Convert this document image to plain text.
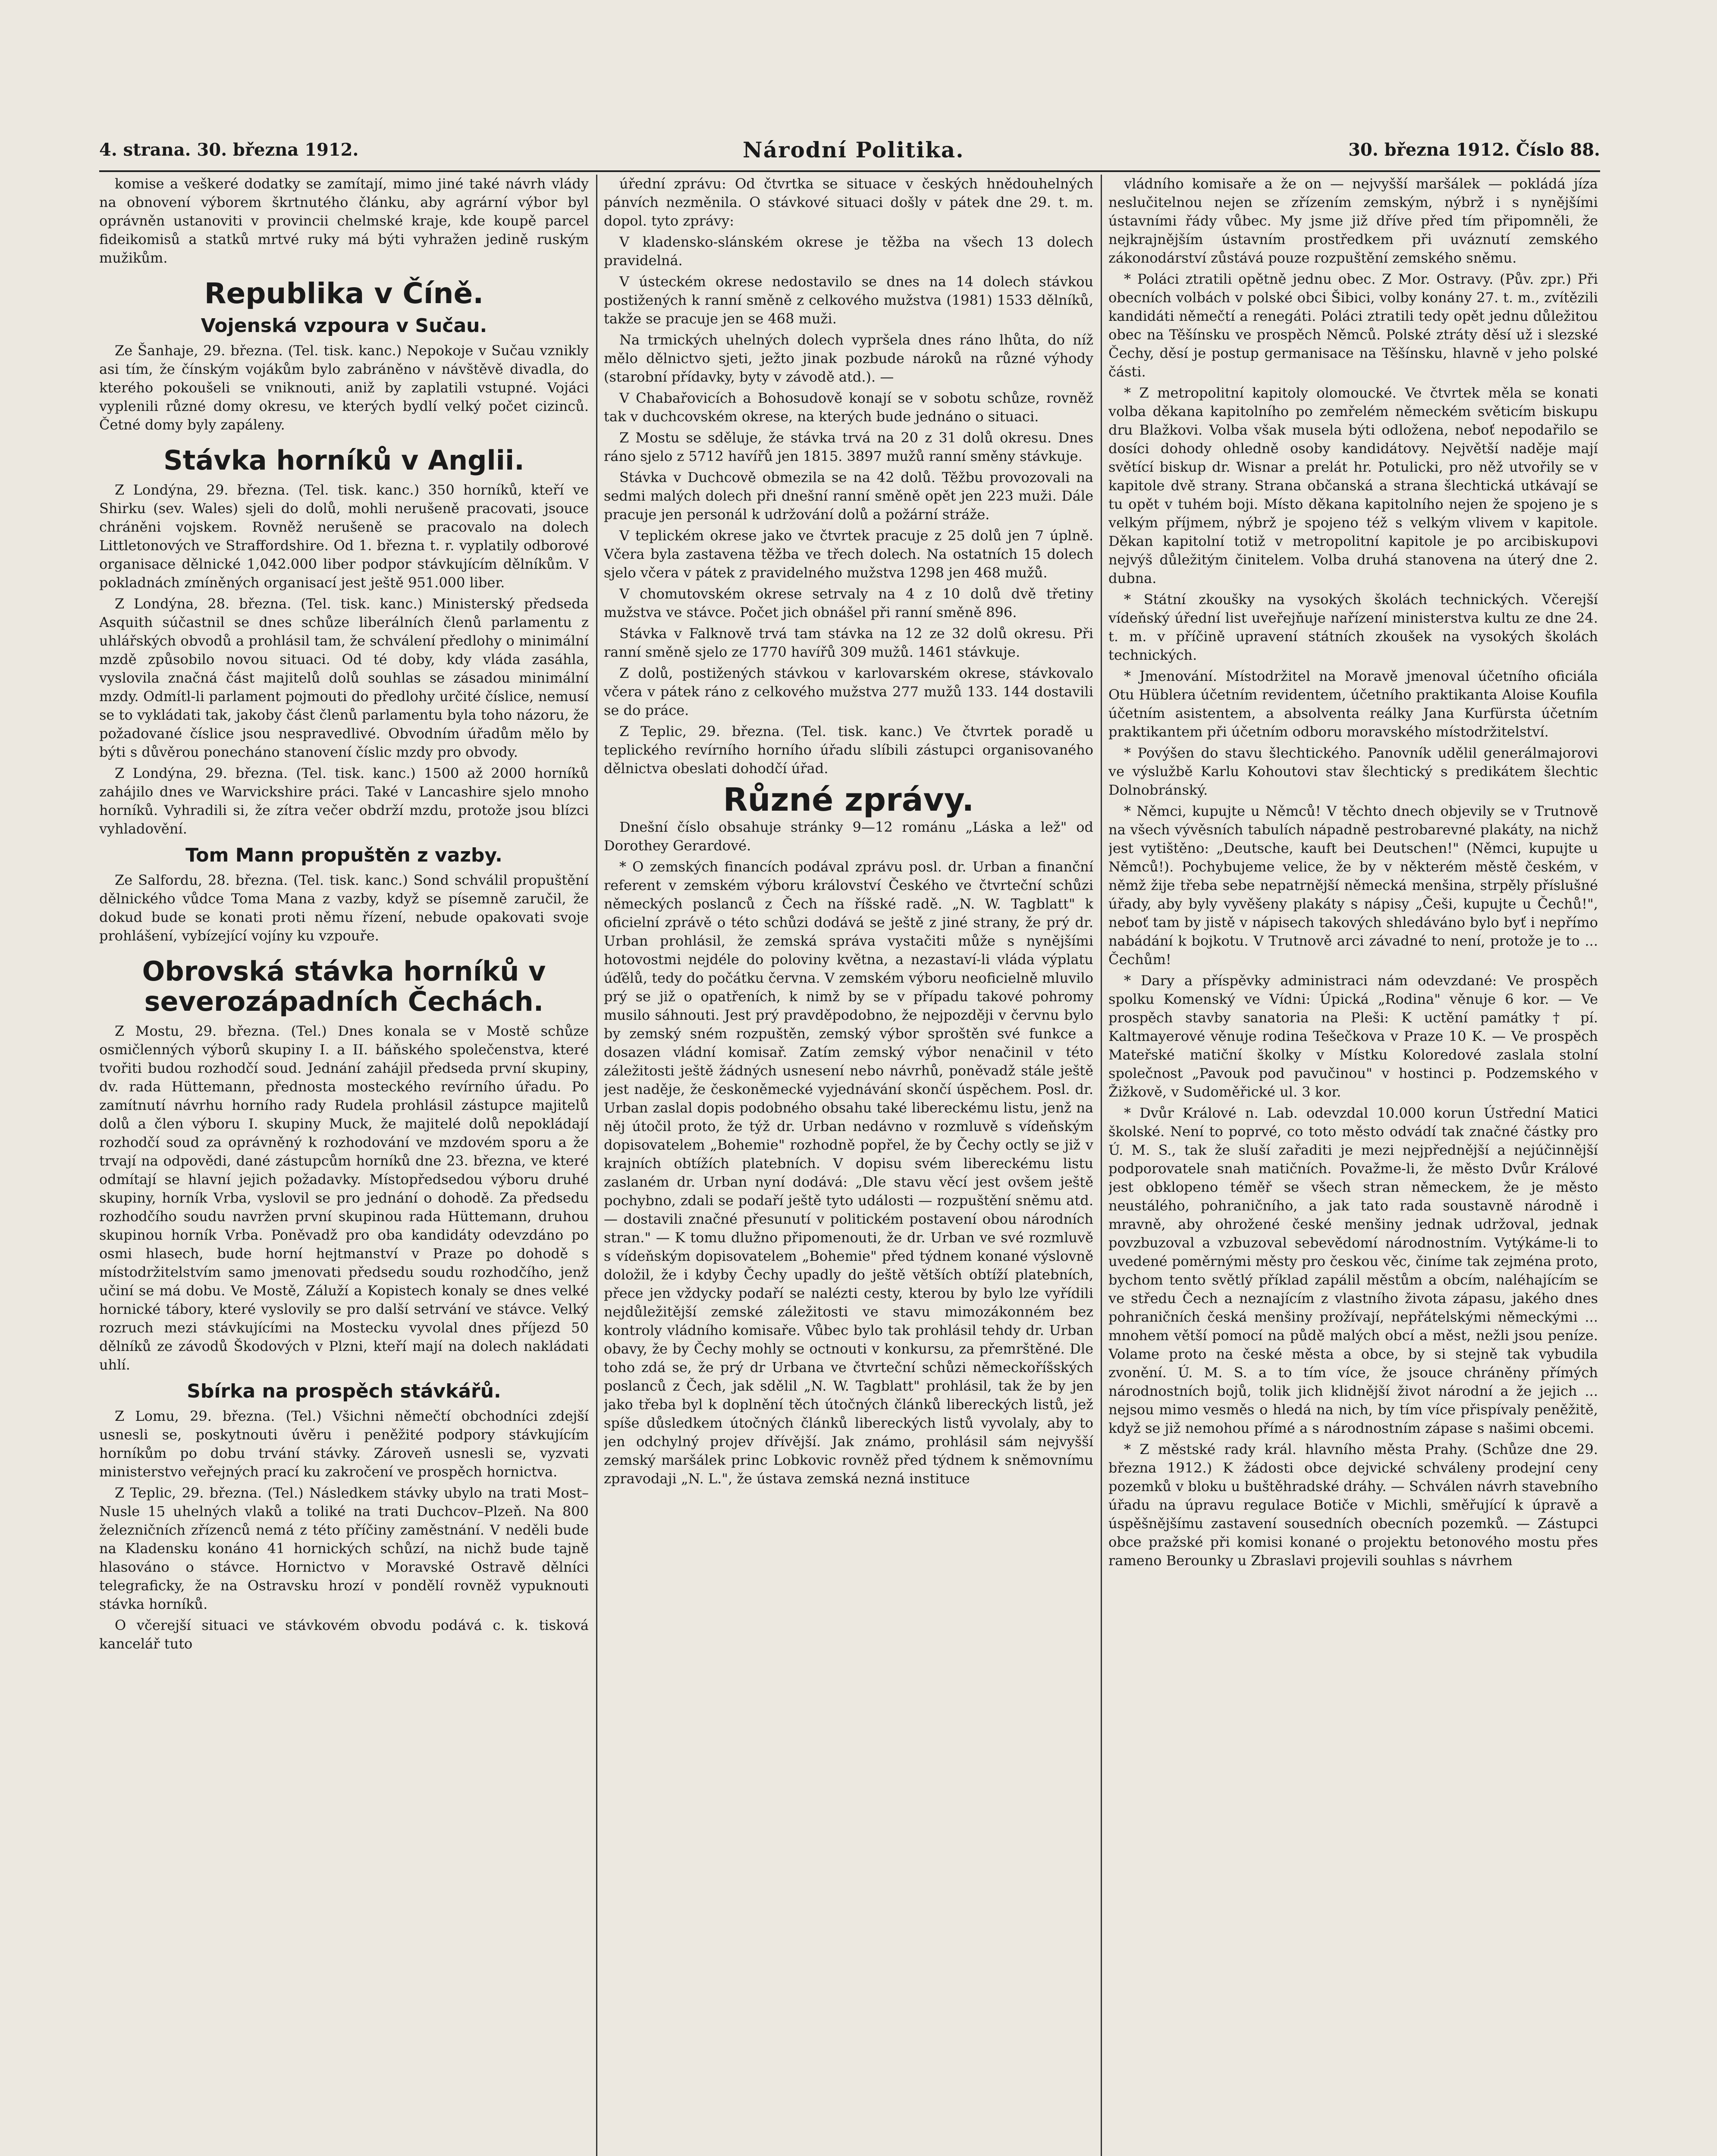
4. strana. 30. března 1912.	Národní Politika.	30. března 1912. Číslo 88.

komise a veškeré dodatky se zamítají, mimo jiné také návrh vlády na obnovení výborem škrtnutého článku, aby agrární výbor byl oprávněn ustanoviti v provincii chelmské kraje, kde koupě parcel fideikomisů a statků mrtvé ruky má býti vyhražen jedině ruským mužikům.

Republika v Číně.
Vojenská vzpoura v Sučau.

Ze Šanhaje, 29. března. (Tel. tisk. kanc.) Nepokoje v Sučau vznikly asi tím, že čínským vojákům bylo zabráněno v návštěvě divadla, do kterého pokoušeli se vniknouti, aniž by zaplatili vstupné. Vojáci vyplenili různé domy okresu, ve kterých bydlí velký počet cizinců. Četné domy byly zapáleny.

Stávka horníků v Anglii.

Z Londýna, 29. března. (Tel. tisk. kanc.) 350 horníků, kteří ve Shirku (sev. Wales) sjeli do dolů, mohli nerušeně pracovati, jsouce chráněni vojskem. Rovněž nerušeně se pracovalo na dolech Littletonových ve Straffordshire. Od 1. března t. r. vyplatily odborové organisace dělnické 1,042.000 liber podpor stávkujícím dělníkům. V pokladnách zmíněných organisací jest ještě 951.000 liber.

Z Londýna, 28. března. (Tel. tisk. kanc.) Ministerský předseda Asquith súčastnil se dnes schůze liberálních členů parlamentu z uhlářských obvodů a prohlásil tam, že schválení předlohy o minimální mzdě způsobilo novou situaci. Od té doby, kdy vláda zasáhla, vyslovila značná část majitelů dolů souhlas se zásadou minimální mzdy. Odmítl-li parlament pojmouti do předlohy určité číslice, nemusí se to vykládati tak, jakoby část členů parlamentu byla toho názoru, že požadované číslice jsou nespravedlivé. Obvodním úřadům mělo by býti s důvěrou ponecháno stanovení číslic mzdy pro obvody.

Z Londýna, 29. března. (Tel. tisk. kanc.) 1500 až 2000 horníků zahájilo dnes ve Warvickshire práci. Také v Lancashire sjelo mnoho horníků. Vyhradili si, že zítra večer obdrží mzdu, protože jsou blízci vyhladovění.

Tom Mann propuštěn z vazby.

Ze Salfordu, 28. března. (Tel. tisk. kanc.) Sond schválil propuštění dělnického vůdce Toma Mana z vazby, když se písemně zaručil, že dokud bude se konati proti němu řízení, nebude opakovati svoje prohlášení, vybízející vojíny ku vzpouře.

Obrovská stávka horníků v severozápadních Čechách.

Z Mostu, 29. března. (Tel.) Dnes konala se v Mostě schůze osmičlenných výborů skupiny I. a II. báňského společenstva, které tvořiti budou rozhodčí soud. Jednání zahájil předseda první skupiny, dv. rada Hüttemann, přednosta mosteckého revírního úřadu. Po zamítnutí návrhu horního rady Rudela prohlásil zástupce majitelů dolů a člen výboru I. skupiny Muck, že majitelé dolů nepokládají rozhodčí soud za oprávněný k rozhodování ve mzdovém sporu a že trvají na odpovědi, dané zástupcům horníků dne 23. března, ve které odmítají se hlavní jejich požadavky. Místopředsedou výboru druhé skupiny, horník Vrba, vyslovil se pro jednání o dohodě. Za předsedu rozhodčího soudu navržen první skupinou rada Hüttemann, druhou skupinou horník Vrba. Poněvadž pro oba kandidáty odevzdáno po osmi hlasech, bude horní hejtmanství v Praze po dohodě s místodržitelstvím samo jmenovati předsedu soudu rozhodčího, jenž učiní se má dobu. Ve Mostě, Záluží a Kopistech konaly se dnes velké hornické tábory, které vyslovily se pro další setrvání ve stávce. Velký rozruch mezi stávkujícími na Mostecku vyvolal dnes příjezd 50 dělníků ze závodů Škodových v Plzni, kteří mají na dolech nakládati uhlí.

Sbírka na prospěch stávkářů.

Z Lomu, 29. března. (Tel.) Všichni němečtí obchodníci zdejší usnesli se, poskytnouti úvěru i peněžité podpory stávkujícím horníkům po dobu trvání stávky. Zároveň usnesli se, vyzvati ministerstvo veřejných prací ku zakročení ve prospěch hornictva.

Z Teplic, 29. března. (Tel.) Následkem stávky ubylo na trati Most–Nusle 15 uhelných vlaků a toliké na trati Duchcov–Plzeň. Na 800 železničních zřízenců nemá z této příčiny zaměstnání. V neděli bude na Kladensku konáno 41 hornických schůzí, na nichž bude tajně hlasováno o stávce. Hornictvo v Moravské Ostravě dělníci telegraficky, že na Ostravsku hrozí v pondělí rovněž vypuknouti stávka horníků.

O včerejší situaci ve stávkovém obvodu podává c. k. tisková kancelář tuto

úřední zprávu: Od čtvrtka se situace v českých hnědouhelných pánvích nezměnila. O stávkové situaci došly v pátek dne 29. t. m. dopol. tyto zprávy:

V kladensko-slánském okrese je těžba na všech 13 dolech pravidelná.

V ústeckém okrese nedostavilo se dnes na 14 dolech stávkou postižených k ranní směně z celkového mužstva (1981) 1533 dělníků, takže se pracuje jen se 468 muži.

Na trmických uhelných dolech vypršela dnes ráno lhůta, do níž mělo dělnictvo sjeti, ježto jinak pozbude nároků na různé výhody (starobní přídavky, byty v závodě atd.). —

V Chabařovicích a Bohosudově konají se v sobotu schůze, rovněž tak v duchcovském okrese, na kterých bude jednáno o situaci.

Z Mostu se sděluje, že stávka trvá na 20 z 31 dolů okresu. Dnes ráno sjelo z 5712 havířů jen 1815. 3897 mužů ranní směny stávkuje.

Stávka v Duchcově obmezila se na 42 dolů. Těžbu provozovali na sedmi malých dolech při dnešní ranní směně opět jen 223 muži. Dále pracuje jen personál k udržování dolů a požární stráže.

V teplickém okrese jako ve čtvrtek pracuje z 25 dolů jen 7 úplně. Včera byla zastavena těžba ve třech dolech. Na ostatních 15 dolech sjelo včera v pátek z pravidelného mužstva 1298 jen 468 mužů.

V chomutovském okrese setrvaly na 4 z 10 dolů dvě třetiny mužstva ve stávce. Počet jich obnášel při ranní směně 896.

Stávka v Falknově trvá tam stávka na 12 ze 32 dolů okresu. Při ranní směně sjelo ze 1770 havířů 309 mužů. 1461 stávkuje.

Z dolů, postižených stávkou v karlovarském okrese, stávkovalo včera v pátek ráno z celkového mužstva 277 mužů 133. 144 dostavili se do práce.

Z Teplic, 29. března. (Tel. tisk. kanc.) Ve čtvrtek poradě u teplického revírního horního úřadu slíbili zástupci organisovaného dělnictva obeslati dohodčí úřad.

Různé zprávy.

Dnešní číslo obsahuje stránky 9—12 románu „Láska a lež" od Dorothey Gerardové.

* O zemských financích podával zprávu posl. dr. Urban a finanční referent v zemském výboru království Českého ve čtvrteční schůzi německých poslanců z Čech na říšské radě. „N. W. Tagblatt" k oficielní zprávě o této schůzi dodává se ještě z jiné strany, že prý dr. Urban prohlásil, že zemská správa vystačiti může s nynějšími hotovostmi nejdéle do poloviny května, a nezastaví-li vláda výplatu úďělů, tedy do počátku června. V zemském výboru neoficielně mluvilo prý se již o opatřeních, k nimž by se v případu takové pohromy musilo sáhnouti. Jest prý pravděpodobno, že nejpozději v červnu bylo by zemský sném rozpuštěn, zemský výbor sproštěn své funkce a dosazen vládní komisař. Zatím zemský výbor nenačinil v této záležitosti ještě žádných usnesení nebo návrhů, poněvadž stále ještě jest naděje, že českoněmecké vyjednávání skončí úspěchem. Posl. dr. Urban zaslal dopis podobného obsahu také libereckému listu, jenž na něj útočil proto, že týž dr. Urban nedávno v rozmluvě s vídeňským dopisovatelem „Bohemie" rozhodně popřel, že by Čechy octly se již v krajních obtížích platebních. V dopisu svém libereckému listu zaslaném dr. Urban nyní dodává: „Dle stavu věcí jest ovšem ještě pochybno, zdali se podaří ještě tyto události — rozpuštění sněmu atd. — dostavili značné přesunutí v politickém postavení obou národních stran." — K tomu dlužno připomenouti, že dr. Urban ve své rozmluvě s vídeňským dopisovatelem „Bohemie" před týdnem konané výslovně doložil, že i kdyby Čechy upadly do ještě větších obtíží platebních, přece jen vždycky podaří se nalézti cesty, kterou by bylo lze vyřídili nejdůležitější zemské záležitosti ve stavu mimozákonném bez kontroly vládního komisaře. Vůbec bylo tak prohlásil tehdy dr. Urban obavy, že by Čechy mohly se octnouti v konkursu, za přemrštěné. Dle toho zdá se, že prý dr Urbana ve čtvrteční schůzi německoříšských poslanců z Čech, jak sdělil „N. W. Tagblatt" prohlásil, tak že by jen jako třeba byl k doplnění těch útočných článků libereckých listů, jež spíše důsledkem útočných článků libereckých listů vyvolaly, aby to jen odchylný projev dřívější. Jak známo, prohlásil sám nejvyšší zemský maršálek princ Lobkovic rovněž před týdnem k sněmovnímu zpravodaji „N. L.", že ústava zemská nezná instituce

vládního komisaře a že on — nejvyšší maršálek — pokládá jíza neslučitelnou nejen se zřízením zemským, nýbrž i s nynějšími ústavními řády vůbec. My jsme již dříve před tím připomněli, že nejkrajnějším ústavním prostředkem při uváznutí zemského zákonodárství zůstává pouze rozpuštění zemského sněmu.

* Poláci ztratili opětně jednu obec. Z Mor. Ostravy. (Pův. zpr.) Při obecních volbách v polské obci Šibici, volby konány 27. t. m., zvítězili kandidáti němečtí a renegáti. Poláci ztratili tedy opět jednu důležitou obec na Těšínsku ve prospěch Němců. Polské ztráty děsí už i slezské Čechy, děsí je postup germanisace na Těšínsku, hlavně v jeho polské části.

* Z metropolitní kapitoly olomoucké. Ve čtvrtek měla se konati volba děkana kapitolního po zemřelém německém světicím biskupu dru Blažkovi. Volba však musela býti odložena, neboť nepodařilo se dosíci dohody ohledně osoby kandidátovy. Největší naděje mají světící biskup dr. Wisnar a prelát hr. Potulicki, pro něž utvořily se v kapitole dvě strany. Strana občanská a strana šlechtická utkávají se tu opět v tuhém boji. Místo děkana kapitolního nejen že spojeno je s velkým příjmem, nýbrž je spojeno též s velkým vlivem v kapitole. Děkan kapitolní totiž v metropolitní kapitole je po arcibiskupovi nejvýš důležitým činitelem. Volba druhá stanovena na úterý dne 2. dubna.

* Státní zkoušky na vysokých školách technických. Včerejší vídeňský úřední list uveřejňuje nařízení ministerstva kultu ze dne 24. t. m. v příčině upravení státních zkoušek na vysokých školách technických.

* Jmenování. Místodržitel na Moravě jmenoval účetního oficiála Otu Hüblera účetním revidentem, účetního praktikanta Aloise Koufila účetním asistentem, a absolventa reálky Jana Kurfürsta účetním praktikantem při účetním odboru moravského místodržitelství.

* Povýšen do stavu šlechtického. Panovník udělil generálmajorovi ve výslužbě Karlu Kohoutovi stav šlechtický s predikátem šlechtic Dolnobránský.

* Němci, kupujte u Němců! V těchto dnech objevily se v Trutnově na všech vývěsních tabulích nápadně pestrobarevné plakáty, na nichž jest vytištěno: „Deutsche, kauft bei Deutschen!" (Němci, kupujte u Němců!). Pochybujeme velice, že by v některém městě českém, v němž žije třeba sebe nepatrnější německá menšina, strpěly příslušné úřady, aby byly vyvěšeny plakáty s nápisy „Češi, kupujte u Čechů!", neboť tam by jistě v nápisech takových shledáváno bylo byť i nepřímo nabádání k bojkotu. V Trutnově arci závadné to není, protože je to ... Čechům!

* Dary a příspěvky administraci nám odevzdané: Ve prospěch spolku Komenský ve Vídni: Úpická „Rodina" věnuje 6 kor. — Ve prospěch stavby sanatoria na Pleši: K uctění památky † pí. Kaltmayerové věnuje rodina Tešečkova v Praze 10 K. — Ve prospěch Mateřské matiční školky v Místku Koloredové zaslala stolní společnost „Pavouk pod pavučinou" v hostinci p. Podzemského v Žižkově, v Sudoměřické ul. 3 kor.

* Dvůr Králové n. Lab. odevzdal 10.000 korun Ústřední Matici školské. Není to poprvé, co toto město odvádí tak značné částky pro Ú. M. S., tak že sluší zařaditi je mezi nejpřednější a nejúčinnější podporovatele snah matičních. Považme-li, že město Dvůr Králové jest obklopeno téměř se všech stran německem, že je město neustálého, pohraničního, a jak tato rada soustavně národně i mravně, aby ohrožené české menšiny jednak udržoval, jednak povzbuzoval a vzbuzoval sebevědomí národnostním. Vytýkáme-li to uvedené poměrnými městy pro českou věc, činíme tak zejména proto, bychom tento světlý příklad zapálil městům a obcím, naléhajícím se ve středu Čech a neznajícím z vlastního života zápasu, jakého dnes pohraničních česká menšiny prožívají, nepřátelskými německými ... mnohem větší pomocí na půdě malých obcí a měst, nežli jsou peníze. Volame proto na české města a obce, by si stejně tak vybudila zvonění. Ú. M. S. a to tím více, že jsouce chráněny přímých národnostních bojů, tolik jich klidnější život národní a že jejich ... nejsou mimo vesměs o hledá na nich, by tím více přispívaly peněžitě, když se již nemohou přímé a s národnostním zápase s našimi obcemi.

* Z městské rady král. hlavního města Prahy. (Schůze dne 29. března 1912.) K žádosti obce dejvické schváleny prodejní ceny pozemků v bloku u buštěhradské dráhy. — Schválen návrh stavebního úřadu na úpravu regulace Botiče v Michli, směřující k úpravě a úspěšnějšímu zastavení sousedních obecních pozemků. — Zástupci obce pražské při komisi konané o projektu betonového mostu přes rameno Berounky u Zbraslavi projevili souhlas s návrhem
